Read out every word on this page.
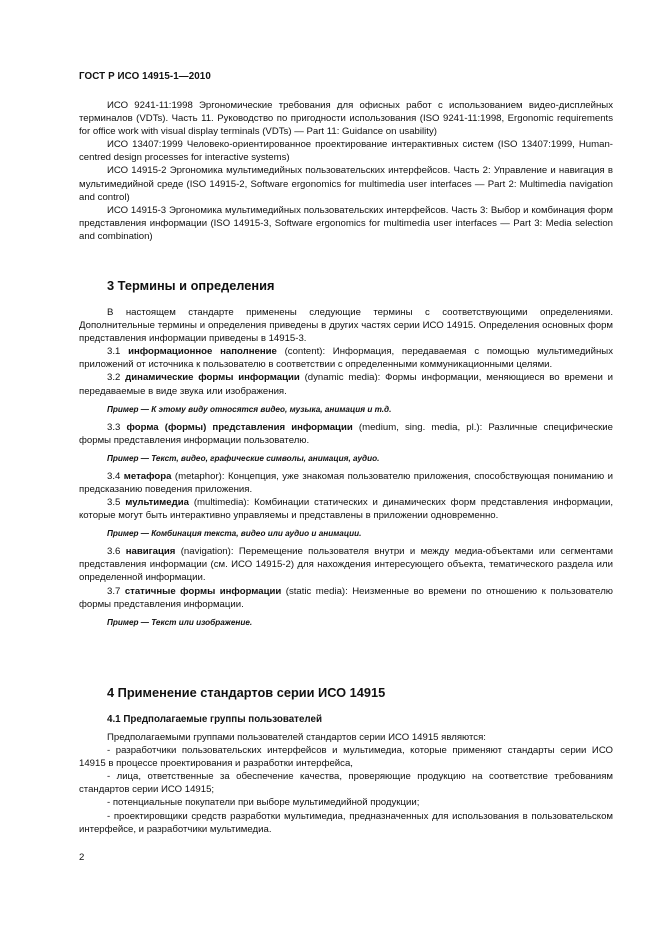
ГОСТ Р ИСО 14915-1—2010

ИСО 9241-11:1998 Эргономические требования для офисных работ с использованием видео-дисплейных терминалов (VDTs). Часть 11. Руководство по пригодности использования (ISO 9241-11:1998, Ergonomic requirements for office work with visual display terminals (VDTs) — Part 11: Guidance on usability)

ИСО 13407:1999 Человеко-ориентированное проектирование интерактивных систем (ISO 13407:1999, Human-centred design processes for interactive systems)

ИСО 14915-2 Эргономика мультимедийных пользовательских интерфейсов. Часть 2: Управление и навигация в мультимедийной среде (ISO 14915-2, Software ergonomics for multimedia user interfaces — Part 2: Multimedia navigation and control)

ИСО 14915-3 Эргономика мультимедийных пользовательских интерфейсов. Часть 3: Выбор и комбинация форм представления информации (ISO 14915-3, Software ergonomics for multimedia user interfaces — Part 3: Media selection and combination)

3 Термины и определения

В настоящем стандарте применены следующие термины с соответствующими определениями. Дополнительные термины и определения приведены в других частях серии ИСО 14915. Определения основных форм представления информации приведены в 14915-3.

3.1 информационное наполнение (content): Информация, передаваемая с помощью мультимедийных приложений от источника к пользователю в соответствии с определенными коммуникационными целями.

3.2 динамические формы информации (dynamic media): Формы информации, меняющиеся во времени и передаваемые в виде звука или изображения.

Пример — К этому виду относятся видео, музыка, анимация и т.д.

3.3 форма (формы) представления информации (medium, sing. media, pl.): Различные специфические формы представления информации пользователю.

Пример — Текст, видео, графические символы, анимация, аудио.

3.4 метафора (metaphor): Концепция, уже знакомая пользователю приложения, способствующая пониманию и предсказанию поведения приложения.

3.5 мультимедиа (multimedia): Комбинации статических и динамических форм представления информации, которые могут быть интерактивно управляемы и представлены в приложении одновременно.

Пример — Комбинация текста, видео или аудио и анимации.

3.6 навигация (navigation): Перемещение пользователя внутри и между медиа-объектами или сегментами представления информации (см. ИСО 14915-2) для нахождения интересующего объекта, тематического раздела или определенной информации.

3.7 статичные формы информации (static media): Неизменные во времени по отношению к пользователю формы представления информации.

Пример — Текст или изображение.

4 Применение стандартов серии ИСО 14915
4.1 Предполагаемые группы пользователей

Предполагаемыми группами пользователей стандартов серии ИСО 14915 являются:

- разработчики пользовательских интерфейсов и мультимедиа, которые применяют стандарты серии ИСО 14915 в процессе проектирования и разработки интерфейса,

- лица, ответственные за обеспечение качества, проверяющие продукцию на соответствие требованиям стандартов серии ИСО 14915;

- потенциальные покупатели при выборе мультимедийной продукции;

- проектировщики средств разработки мультимедиа, предназначенных для использования в пользовательском интерфейсе, и разработчики мультимедиа.

2
